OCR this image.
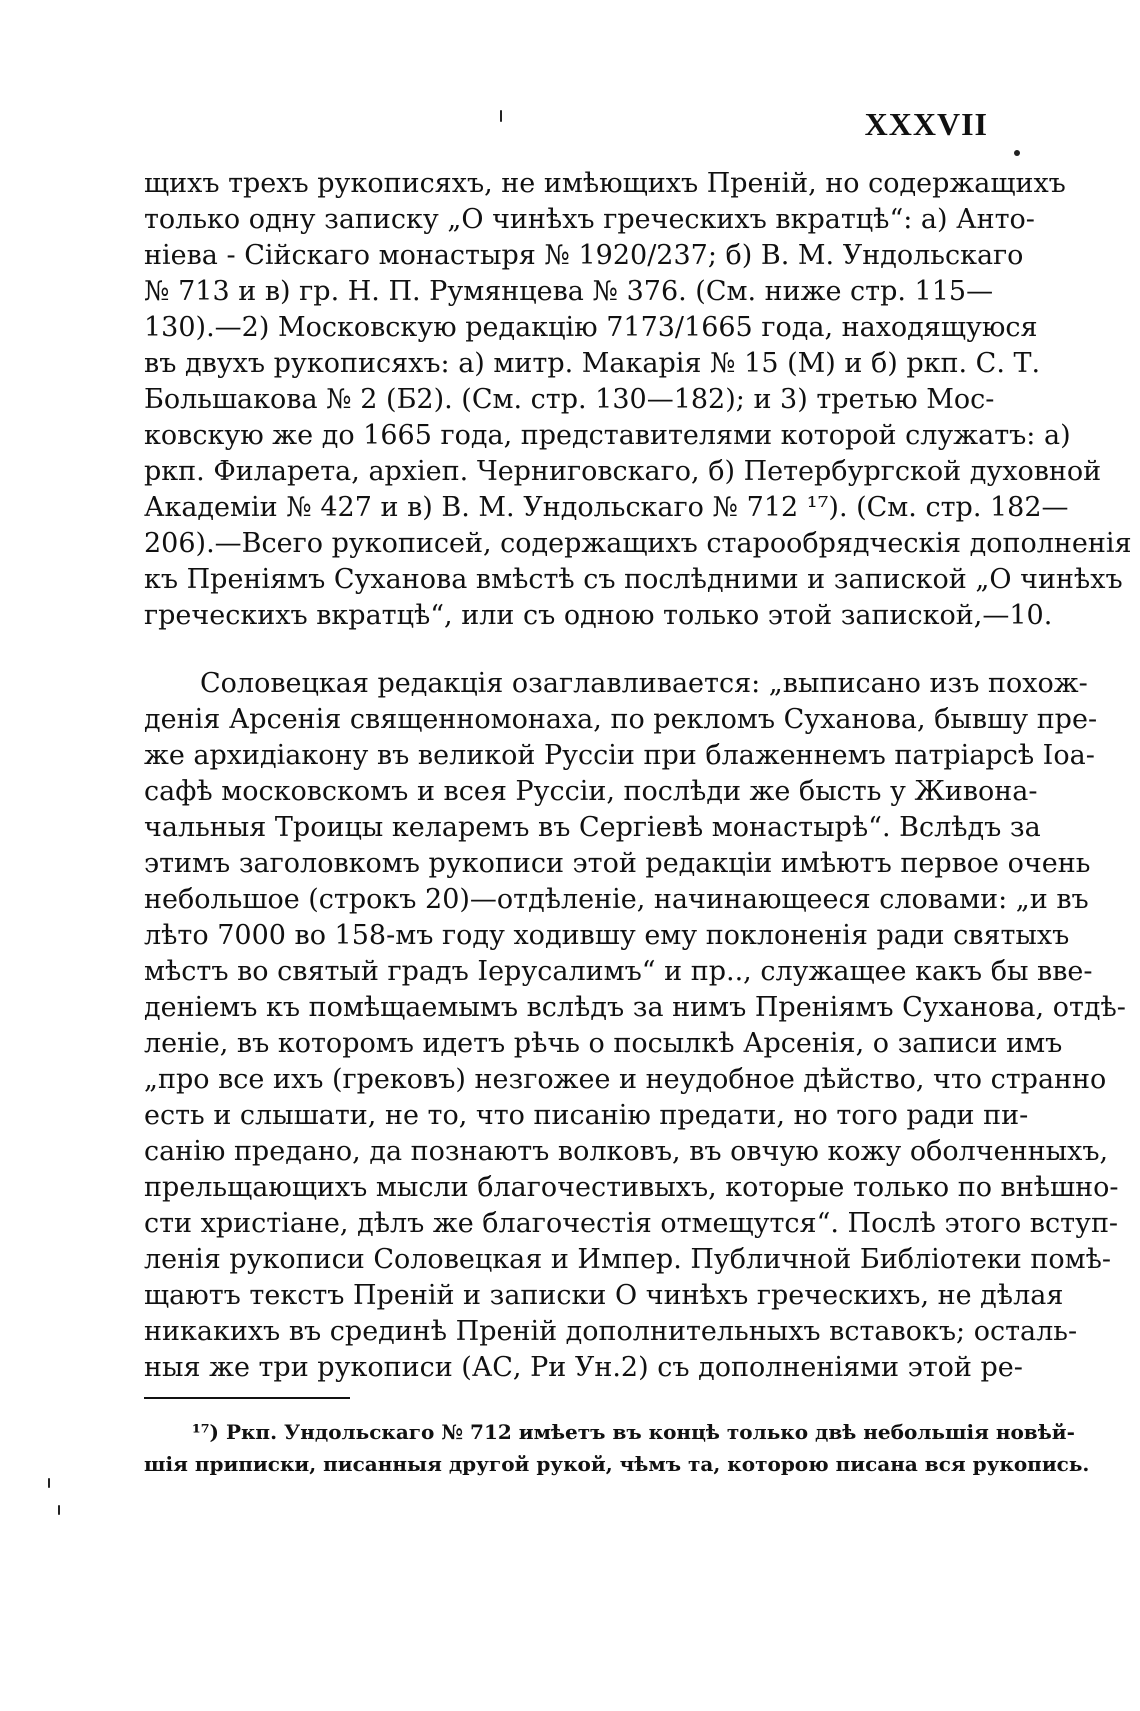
XXXVII
щихъ трехъ рукописяхъ, не имѣющихъ Преній, но содержащихъ
только одну записку „О чинѣхъ греческихъ вкратцѣ“: а) Анто-
ніева - Сійскаго монастыря № 1920/237; б) В. М. Ундольскаго
№ 713 и в) гр. Н. П. Румянцева № 376. (См. ниже стр. 115—
130).—2) Московскую редакцію 7173/1665 года, находящуюся
въ двухъ рукописяхъ: а) митр. Макарія № 15 (М) и б) ркп. С. Т.
Большакова № 2 (Б2). (См. стр. 130—182); и 3) третью Мос-
ковскую же до 1665 года, представителями которой служатъ: а)
ркп. Филарета, архіеп. Черниговскаго, б) Петербургской духовной
Академіи № 427 и в) В. М. Ундольскаго № 712 ¹⁷). (См. стр. 182—
206).—Всего рукописей, содержащихъ старообрядческія дополненія
къ Преніямъ Суханова вмѣстѣ съ послѣдними и запиской „О чинѣхъ
греческихъ вкратцѣ“, или съ одною только этой запиской,—10.
Соловецкая редакція озаглавливается: „выписано изъ похож-
денія Арсенія священномонаха, по рекломъ Суханова, бывшу пре-
же архидіакону въ великой Руссіи при блаженнемъ патріарсѣ Іоа-
сафѣ московскомъ и всея Руссіи, послѣди же бысть у Живона-
чальныя Троицы келаремъ въ Сергіевѣ монастырѣ“. Вслѣдъ за
этимъ заголовкомъ рукописи этой редакціи имѣютъ первое очень
небольшое (строкъ 20)—отдѣленіе, начинающееся словами: „и въ
лѣто 7000 во 158-мъ году ходившу ему поклоненія ради святыхъ
мѣстъ во святый градъ Іерусалимъ“ и пр.., служащее какъ бы вве-
деніемъ къ помѣщаемымъ вслѣдъ за нимъ Преніямъ Суханова, отдѣ-
леніе, въ которомъ идетъ рѣчь о посылкѣ Арсенія, о записи имъ
„про все ихъ (грековъ) незгожее и неудобное дѣйство, что странно
есть и слышати, не то, что писанію предати, но того ради пи-
санію предано, да познаютъ волковъ, въ овчую кожу оболченныхъ,
прельщающихъ мысли благочестивыхъ, которые только по внѣшно-
сти христіане, дѣлъ же благочестія отмещутся“. Послѣ этого вступ-
ленія рукописи Соловецкая и Импер. Публичной Библіотеки помѣ-
щаютъ текстъ Преній и записки О чинѣхъ греческихъ, не дѣлая
никакихъ въ срединѣ Преній дополнительныхъ вставокъ; осталь-
ныя же три рукописи (АС, Ри Ун.2) съ дополненіями этой ре-
¹⁷) Ркп. Ундольскаго № 712 имѣетъ въ концѣ только двѣ небольшія новѣй-
шія приписки, писанныя другой рукой, чѣмъ та, которою писана вся рукопись.
